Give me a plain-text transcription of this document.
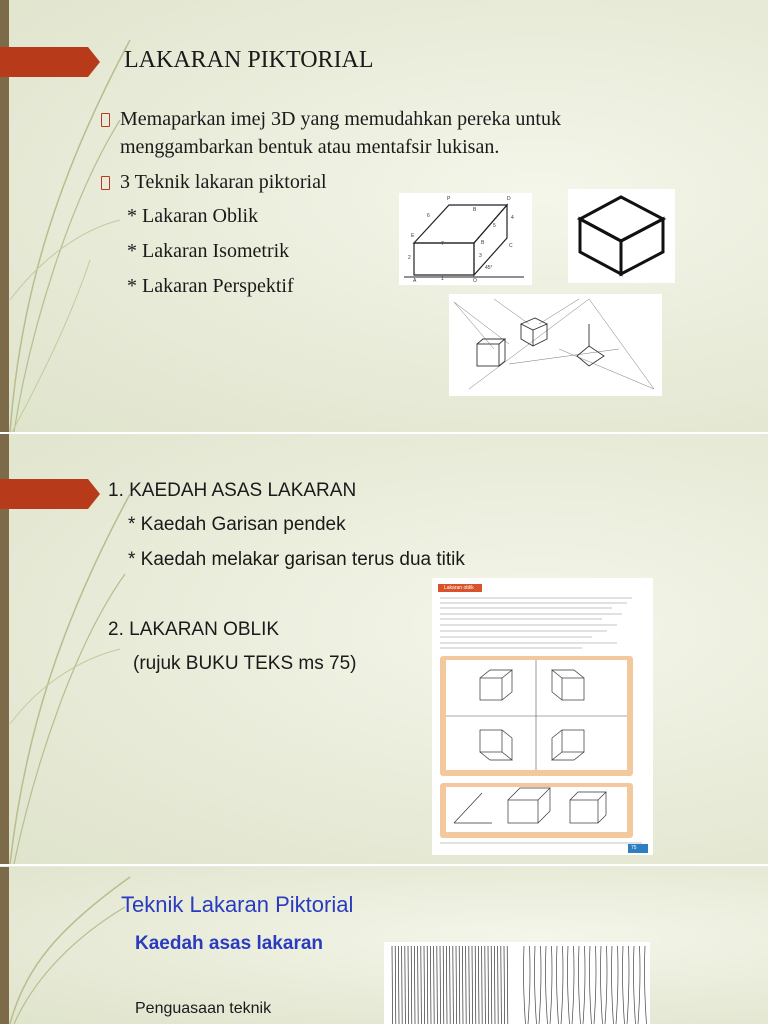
LAKARAN PIKTORIAL
Memaparkan imej 3D yang memudahkan pereka untuk
menggambarkan bentuk atau mentafsir lukisan.
3 Teknik lakaran piktorial
* Lakaran Oblik
* Lakaran Isometrik
* Lakaran Perspektif
P	D
6
B
5
E
4
7	B	C
3
2
A	1	O
45°
1. KAEDAH ASAS LAKARAN
* Kaedah Garisan pendek
* Kaedah melakar garisan terus dua titik
2. LAKARAN OBLIK
(rujuk BUKU TEKS ms 75)
Lakaran oblik
75
Teknik Lakaran Piktorial
Kaedah asas lakaran
Penguasaan teknik
